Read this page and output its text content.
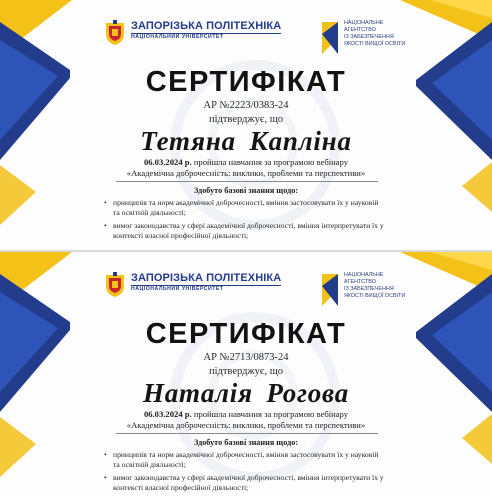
ЗАПОРІЗЬКА ПОЛІТЕХНІКА
НАЦІОНАЛЬНИЙ УНІВЕРСИТЕТ
НАЦІОНАЛЬНЕ
АГЕНТСТВО
ІЗ ЗАБЕЗПЕЧЕННЯ
ЯКОСТІ ВИЩОЇ ОСВІТИ
СЕРТИФІКАТ
АР №2223/0383-24
підтверджує, що
Тетяна Капліна
06.03.2024 р. пройшла навчання за програмою вебінару
«Академічна доброчесність: виклики, проблеми та перспективи»
Здобуто базові знання щодо:
• принципів та норм академічної доброчесності, вміння застосовувати їх у науковій та освітній діяльності;
• вимог законодавства у сфері академічної доброчесності, вміння інтерпретувати їх у контексті власної професійної діяльності;
ЗАПОРІЗЬКА ПОЛІТЕХНІКА
НАЦІОНАЛЬНИЙ УНІВЕРСИТЕТ
НАЦІОНАЛЬНЕ
АГЕНТСТВО
ІЗ ЗАБЕЗПЕЧЕННЯ
ЯКОСТІ ВИЩОЇ ОСВІТИ
СЕРТИФІКАТ
АР №2713/0873-24
підтверджує, що
Наталія Рогова
06.03.2024 р. пройшла навчання за програмою вебінару
«Академічна доброчесність: виклики, проблеми та перспективи»
Здобуто базові знання щодо:
• принципів та норм академічної доброчесності, вміння застосовувати їх у науковій та освітній діяльності;
• вимог законодавства у сфері академічної доброчесності, вміння інтерпретувати їх у контексті власної професійної діяльності;
